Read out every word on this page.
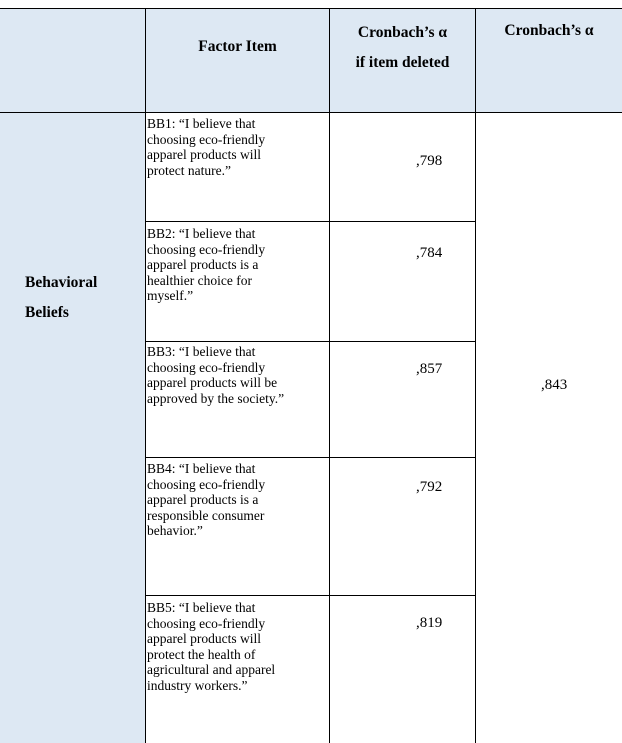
Factor Item
Cronbach’s α
if item deleted
Cronbach’s α
Behavioral
Beliefs
,843
BB1: “I believe that
choosing eco-friendly
apparel products will
protect nature.”
,798
BB2: “I believe that
choosing eco-friendly
apparel products is a
healthier choice for
myself.”
,784
BB3: “I believe that
choosing eco-friendly
apparel products will be
approved by the society.”
,857
BB4: “I believe that
choosing eco-friendly
apparel products is a
responsible consumer
behavior.”
,792
BB5: “I believe that
choosing eco-friendly
apparel products will
protect the health of
agricultural and apparel
industry workers.”
,819
